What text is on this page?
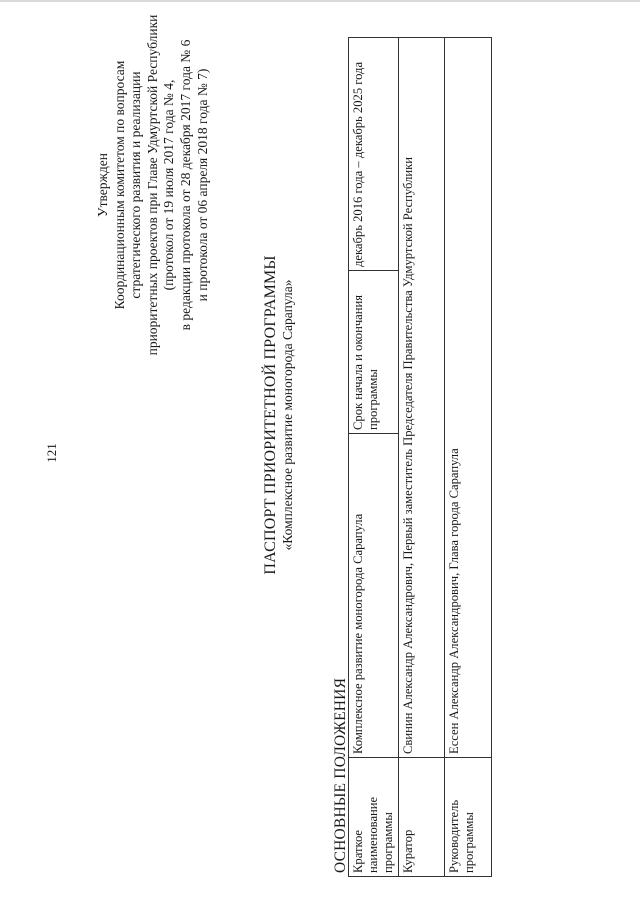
121
Утвержден Координационным комитетом по вопросам стратегического развития и реализации приоритетных проектов при Главе Удмуртской Республики (протокол от 19 июля 2017 года № 4, в редакции протокола от 28 декабря 2017 года № 6 и протокола от 06 апреля 2018 года № 7)
ПАСПОРТ ПРИОРИТЕТНОЙ ПРОГРАММЫ «Комплексное развитие моногорода Сарапула»
ОСНОВНЫЕ ПОЛОЖЕНИЯ Краткое наименование программы	Комплексное развитие моногорода Сарапула	Срок начала и окончания программы	декабрь 2016 года – декабрь 2025 года
Куратор	Свинин Александр Александрович, Первый заместитель Председателя Правительства Удмуртской Республики		
Руководитель программы	Ессен Александр Александрович, Глава города Сарапула		
